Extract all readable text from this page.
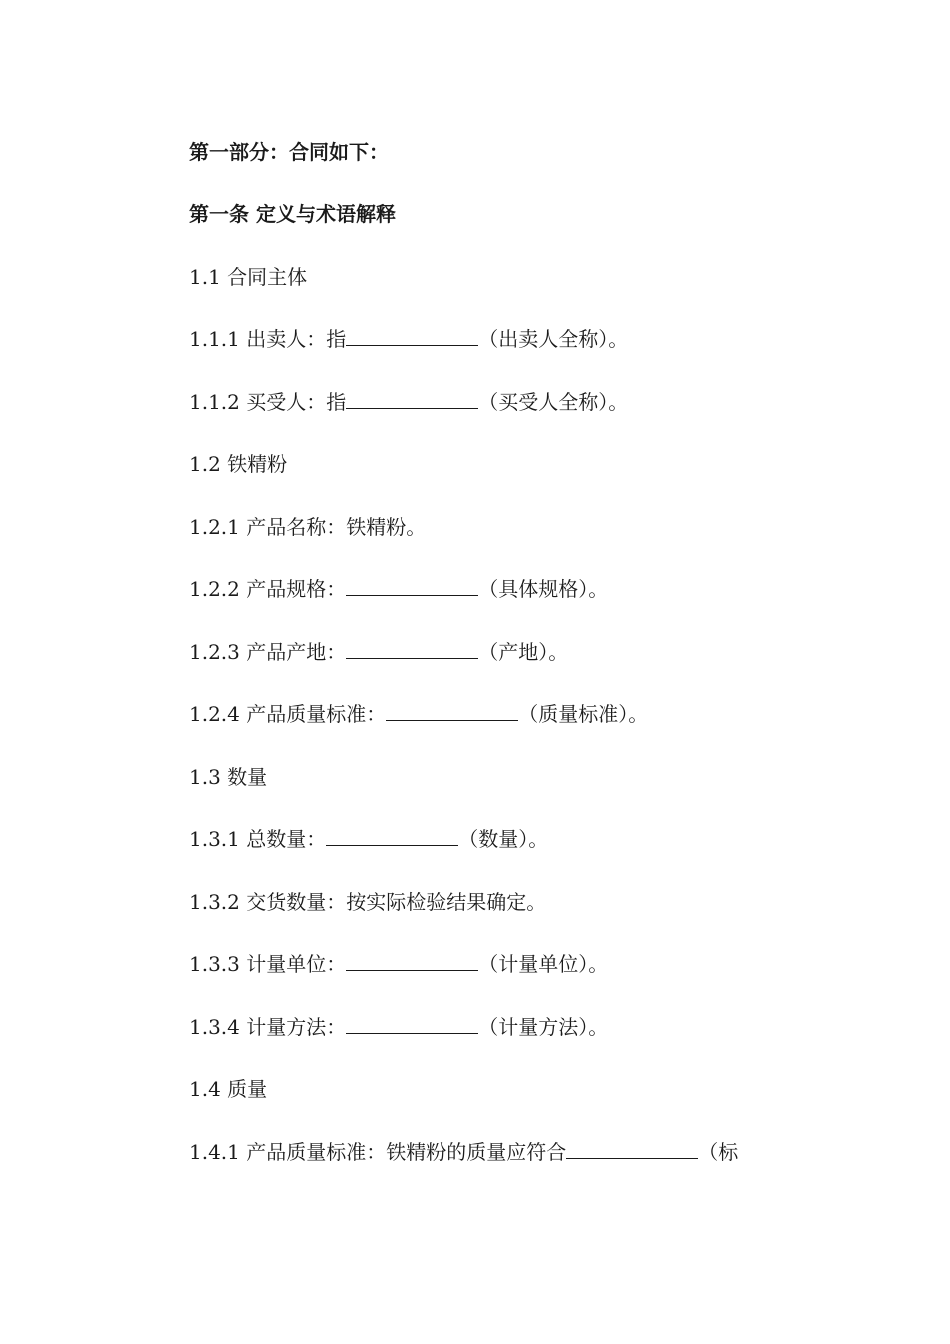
第一部分：合同如下：
第一条 定义与术语解释
1.1 合同主体
1.1.1 出卖人：指	（出卖人全称）。
1.1.2 买受人：指	（买受人全称）。
1.2 铁精粉
1.2.1 产品名称：铁精粉。
1.2.2 产品规格：	（具体规格）。
1.2.3 产品产地：	（产地）。
1.2.4 产品质量标准：	（质量标准）。
1.3 数量
1.3.1 总数量：	（数量）。
1.3.2 交货数量：按实际检验结果确定。
1.3.3 计量单位：	（计量单位）。
1.3.4 计量方法：	（计量方法）。
1.4 质量
1.4.1 产品质量标准：铁精粉的质量应符合	（标
